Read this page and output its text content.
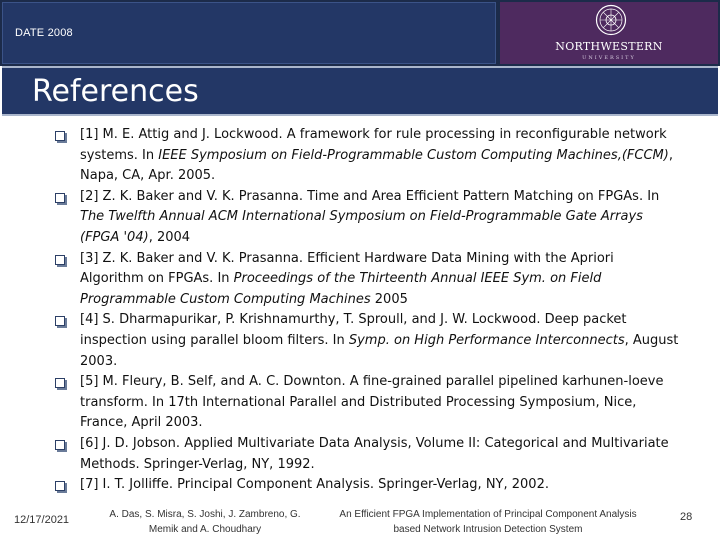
DATE 2008
NORTHWESTERN
UNIVERSITY
References
[1] M. E. Attig and J. Lockwood. A framework for rule processing in reconfigurable network
systems. In IEEE Symposium on Field-Programmable Custom Computing Machines,(FCCM),
Napa, CA, Apr. 2005.
[2] Z. K. Baker and V. K. Prasanna. Time and Area Efficient Pattern Matching on FPGAs. In
The Twelfth Annual ACM International Symposium on Field-Programmable Gate Arrays
(FPGA '04), 2004
[3] Z. K. Baker and V. K. Prasanna. Efficient Hardware Data Mining with the Apriori
Algorithm on FPGAs. In Proceedings of the Thirteenth Annual IEEE Sym. on Field
Programmable Custom Computing Machines 2005
[4] S. Dharmapurikar, P. Krishnamurthy, T. Sproull, and J. W. Lockwood. Deep packet
inspection using parallel bloom filters. In Symp. on High Performance Interconnects, August
2003.
[5] M. Fleury, B. Self, and A. C. Downton. A fine-grained parallel pipelined karhunen-loeve
transform. In 17th International Parallel and Distributed Processing Symposium, Nice,
France, April 2003.
[6] J. D. Jobson. Applied Multivariate Data Analysis, Volume II: Categorical and Multivariate
Methods. Springer-Verlag, NY, 1992.
[7] I. T. Jolliffe. Principal Component Analysis. Springer-Verlag, NY, 2002.
12/17/2021	A. Das, S. Misra, S. Joshi, J. Zambreno, G.
Memik and A. Choudhary
An Efficient FPGA Implementation of Principal Component Analysis
based Network Intrusion Detection System
28
